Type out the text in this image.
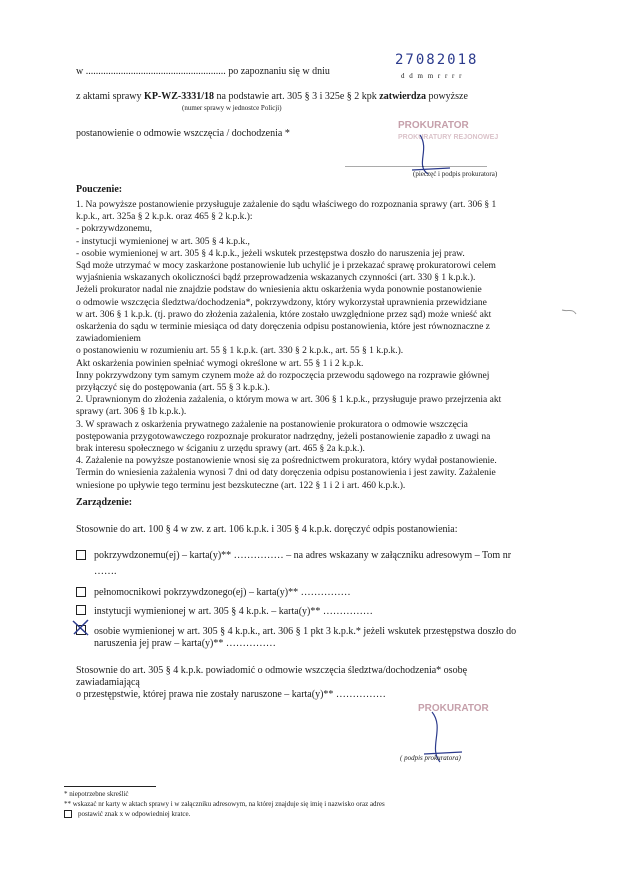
w ........................................................ po zapoznaniu się w dniu
27082018
d d m m r r r r
z aktami sprawy KP-WZ-3331/18 na podstawie art. 305 § 3 i 325e § 2 kpk zatwierdza powyższe
(numer sprawy w jednostce Policji)
postanowienie o odmowie wszczęcia / dochodzenia *
PROKURATOR
PROKURATURY REJONOWEJ
.......................................................................
(pieczęć i podpis prokuratora)
Pouczenie:
1. Na powyższe postanowienie przysługuje zażalenie do sądu właściwego do rozpoznania sprawy (art. 306 § 1
k.p.k., art. 325a § 2 k.p.k. oraz 465 § 2 k.p.k.):
- pokrzywdzonemu,
- instytucji wymienionej w art. 305 § 4 k.p.k.,
- osobie wymienionej w art. 305 § 4 k.p.k., jeżeli wskutek przestępstwa doszło do naruszenia jej praw.
Sąd może utrzymać w mocy zaskarżone postanowienie lub uchylić je i przekazać sprawę prokuratorowi celem
wyjaśnienia wskazanych okoliczności bądź przeprowadzenia wskazanych czynności (art. 330 § 1 k.p.k.).
Jeżeli prokurator nadal nie znajdzie podstaw do wniesienia aktu oskarżenia wyda ponownie postanowienie
o odmowie wszczęcia śledztwa/dochodzenia*, pokrzywdzony, który wykorzystał uprawnienia przewidziane
w art. 306 § 1 k.p.k. (tj. prawo do złożenia zażalenia, które zostało uwzględnione przez sąd) może wnieść akt
oskarżenia do sądu w terminie miesiąca od daty doręczenia odpisu postanowienia, które jest równoznaczne z
zawiadomieniem
o postanowieniu w rozumieniu art. 55 § 1 k.p.k. (art. 330 § 2 k.p.k., art. 55 § 1 k.p.k.).
Akt oskarżenia powinien spełniać wymogi określone w art. 55 § 1 i 2 k.p.k.
Inny pokrzywdzony tym samym czynem może aż do rozpoczęcia przewodu sądowego na rozprawie głównej
przyłączyć się do postępowania (art. 55 § 3 k.p.k.).
2. Uprawnionym do złożenia zażalenia, o którym mowa w art. 306 § 1 k.p.k., przysługuje prawo przejrzenia akt
sprawy (art. 306 § 1b k.p.k.).
3. W sprawach z oskarżenia prywatnego zażalenie na postanowienie prokuratora o odmowie wszczęcia
postępowania przygotowawczego rozpoznaje prokurator nadrzędny, jeżeli postanowienie zapadło z uwagi na
brak interesu społecznego w ściganiu z urzędu sprawy (art. 465 § 2a k.p.k.).
4. Zażalenie na powyższe postanowienie wnosi się za pośrednictwem prokuratora, który wydał postanowienie.
Termin do wniesienia zażalenia wynosi 7 dni od daty doręczenia odpisu postanowienia i jest zawity. Zażalenie
wniesione po upływie tego terminu jest bezskuteczne (art. 122 § 1 i 2 i art. 460 k.p.k.).
Zarządzenie:
Stosownie do art. 100 § 4 w zw. z art. 106 k.p.k. i 305 § 4 k.p.k. doręczyć odpis postanowienia:
pokrzywdzonemu(ej) – karta(y)** …………… – na adres wskazany w załączniku adresowym – Tom nr
…….
pełnomocnikowi pokrzywdzonego(ej) – karta(y)** ……………
instytucji wymienionej w art. 305 § 4 k.p.k. – karta(y)** ……………
osobie wymienionej w art. 305 § 4 k.p.k., art. 306 § 1 pkt 3 k.p.k.* jeżeli wskutek przestępstwa doszło do
naruszenia jej praw – karta(y)** ……………
Stosownie do art. 305 § 4 k.p.k. powiadomić o odmowie wszczęcia śledztwa/dochodzenia* osobę
zawiadamiającą
o przestępstwie, której prawa nie zostały naruszone – karta(y)** ……………
PROKURATOR
( podpis prokuratora)
* niepotrzebne skreślić
** wskazać nr karty w aktach sprawy i w załączniku adresowym, na której znajduje się imię i nazwisko oraz adres
postawić znak x w odpowiedniej kratce.
